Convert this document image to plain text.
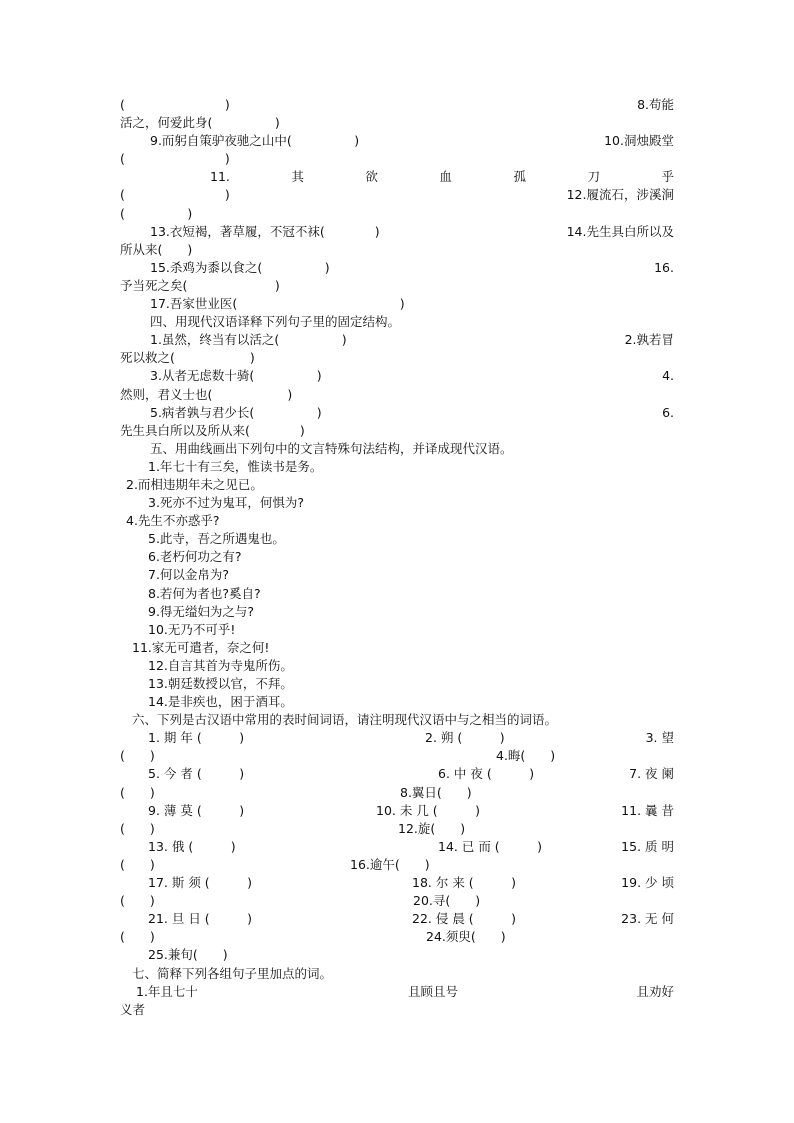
(　　　　　　　　)	8.苟能
活之，何爱此身(　　　　　)
9.而躬自策驴夜驰之山中(　　　　　)	10.洞烛殿堂
(　　　　　　　　)
11.	其	欲	血	孤	刀	乎
(　　　　　　　　)	12.履流石，涉溪涧
(　　　　　)
13.衣短褐，著草履，不冠不袜(　　　　)	14.先生具白所以及
所从来(　　)
15.杀鸡为黍以食之(　　　　　)	16.
予当死之矣(　　　　　　　)
17.吾家世业医(　　　　　　　　　　　　　)
四、用现代汉语译释下列句子里的固定结构。
1.虽然，终当有以活之(　　　　　)	2.孰若冒
死以救之(　　　　　　)
3.从者无虑数十骑(　　　　　)	4.
然则，君义士也(　　　　　　)
5.病者孰与君少长(　　　　　)	6.
先生具白所以及所从来(　　　　)
五、用曲线画出下列句中的文言特殊句法结构，并译成现代汉语。
1.年七十有三矣，惟读书是务。
2.而相违期年未之见已。
3.死亦不过为鬼耳，何惧为?
4.先生不亦惑乎?
5.此寺，吾之所遇鬼也。
6.老朽何功之有?
7.何以金帛为?
8.若何为者也?奚自?
9.得无缢妇为之与?
10.无乃不可乎!
11.家无可遣者，奈之何!
12.自言其首为寺鬼所伤。
13.朝廷数授以官，不拜。
14.是非疾也，困于酒耳。
六、下列是古汉语中常用的表时间词语，请注明现代汉语中与之相当的词语。
1. 期 年 (　　　)	2. 朔 (　　　)	3. 望
(　　)	4.晦(　　)
5. 今 者 (　　　)	6. 中 夜 (　　　)	7. 夜 阑
(　　)	8.翼日(　　)
9. 薄 莫 (　　　)	10. 未 几 (　　　)	11. 曩 昔
(　　)	12.旋(　　)
13. 俄 (　　　)	14. 已 而 (　　　)	15. 质 明
(　　)	16.逾午(　　)
17. 斯 须 (　　　)	18. 尔 来 (　　　)	19. 少 顷
(　　)	20.寻(　　)
21. 旦 日 (　　　)	22. 侵 晨 (　　　)	23. 无 何
(　　)	24.须臾(　　)
25.兼旬(　　)
七、简释下列各组句子里加点的词。
1.年且七十	且顾且号	且劝好
义者
